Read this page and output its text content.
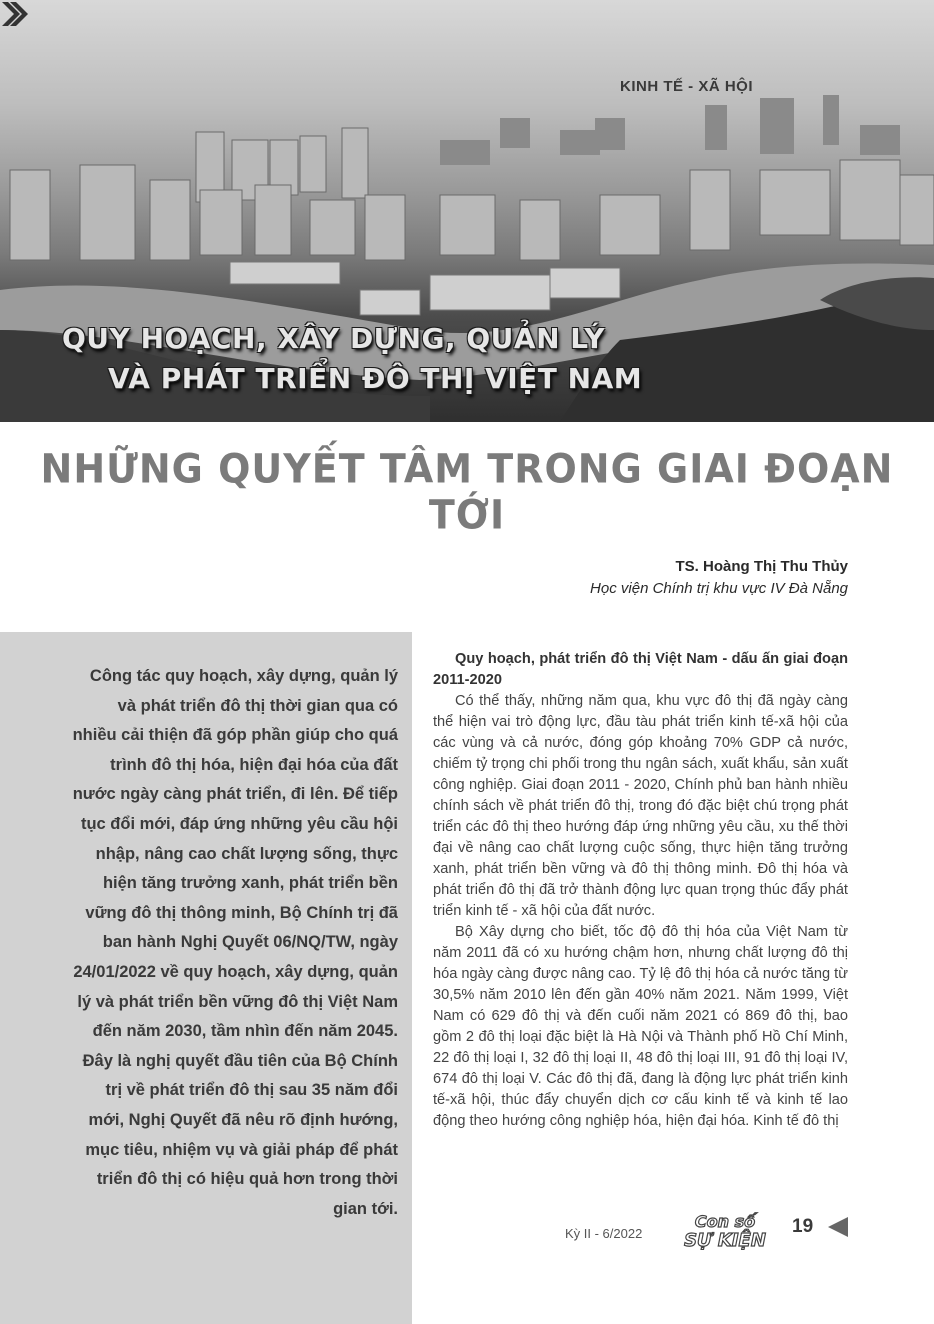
KINH TẾ - XÃ HỘI
QUY HOẠCH, XÂY DỰNG, QUẢN LÝ
VÀ PHÁT TRIỂN ĐÔ THỊ VIỆT NAM
NHỮNG QUYẾT TÂM TRONG GIAI ĐOẠN TỚI
TS. Hoàng Thị Thu Thủy
Học viện Chính trị khu vực IV Đà Nẵng
Công tác quy hoạch, xây dựng, quản lý và phát triển đô thị thời gian qua có nhiều cải thiện đã góp phần giúp cho quá trình đô thị hóa, hiện đại hóa của đất nước ngày càng phát triển, đi lên. Để tiếp tục đổi mới, đáp ứng những yêu cầu hội nhập, nâng cao chất lượng sống, thực hiện tăng trưởng xanh, phát triển bền vững đô thị thông minh, Bộ Chính trị đã ban hành Nghị Quyết 06/NQ/TW, ngày 24/01/2022 về quy hoạch, xây dựng, quản lý và phát triển bền vững đô thị Việt Nam đến năm 2030, tầm nhìn đến năm 2045. Đây là nghị quyết đầu tiên của Bộ Chính trị về phát triển đô thị sau 35 năm đổi mới, Nghị Quyết đã nêu rõ định hướng, mục tiêu, nhiệm vụ và giải pháp để phát triển đô thị có hiệu quả hơn trong thời gian tới.
Quy hoạch, phát triển đô thị Việt Nam - dấu ấn giai đoạn 2011-2020

Có thể thấy, những năm qua, khu vực đô thị đã ngày càng thể hiện vai trò động lực, đầu tàu phát triển kinh tế-xã hội của các vùng và cả nước, đóng góp khoảng 70% GDP cả nước, chiếm tỷ trọng chi phối trong thu ngân sách, xuất khẩu, sản xuất công nghiệp. Giai đoạn 2011 - 2020, Chính phủ ban hành nhiều chính sách về phát triển đô thị, trong đó đặc biệt chú trọng phát triển các đô thị theo hướng đáp ứng những yêu cầu, xu thế thời đại về nâng cao chất lượng cuộc sống, thực hiện tăng trưởng xanh, phát triển bền vững và đô thị thông minh. Đô thị hóa và phát triển đô thị đã trở thành động lực quan trọng thúc đẩy phát triển kinh tế - xã hội của đất nước.

Bộ Xây dựng cho biết, tốc độ đô thị hóa của Việt Nam từ năm 2011 đã có xu hướng chậm hơn, nhưng chất lượng đô thị hóa ngày càng được nâng cao. Tỷ lệ đô thị hóa cả nước tăng từ 30,5% năm 2010 lên đến gần 40% năm 2021. Năm 1999, Việt Nam có 629 đô thị và đến cuối năm 2021 có 869 đô thị, bao gồm 2 đô thị loại đặc biệt là Hà Nội và Thành phố Hồ Chí Minh, 22 đô thị loại I, 32 đô thị loại II, 48 đô thị loại III, 91 đô thị loại IV, 674 đô thị loại V. Các đô thị đã, đang là động lực phát triển kinh tế-xã hội, thúc đẩy chuyển dịch cơ cấu kinh tế và kinh tế lao động theo hướng công nghiệp hóa, hiện đại hóa. Kinh tế đô thị

Kỳ II - 6/2022
Con số
SỰ KIỆN
19
